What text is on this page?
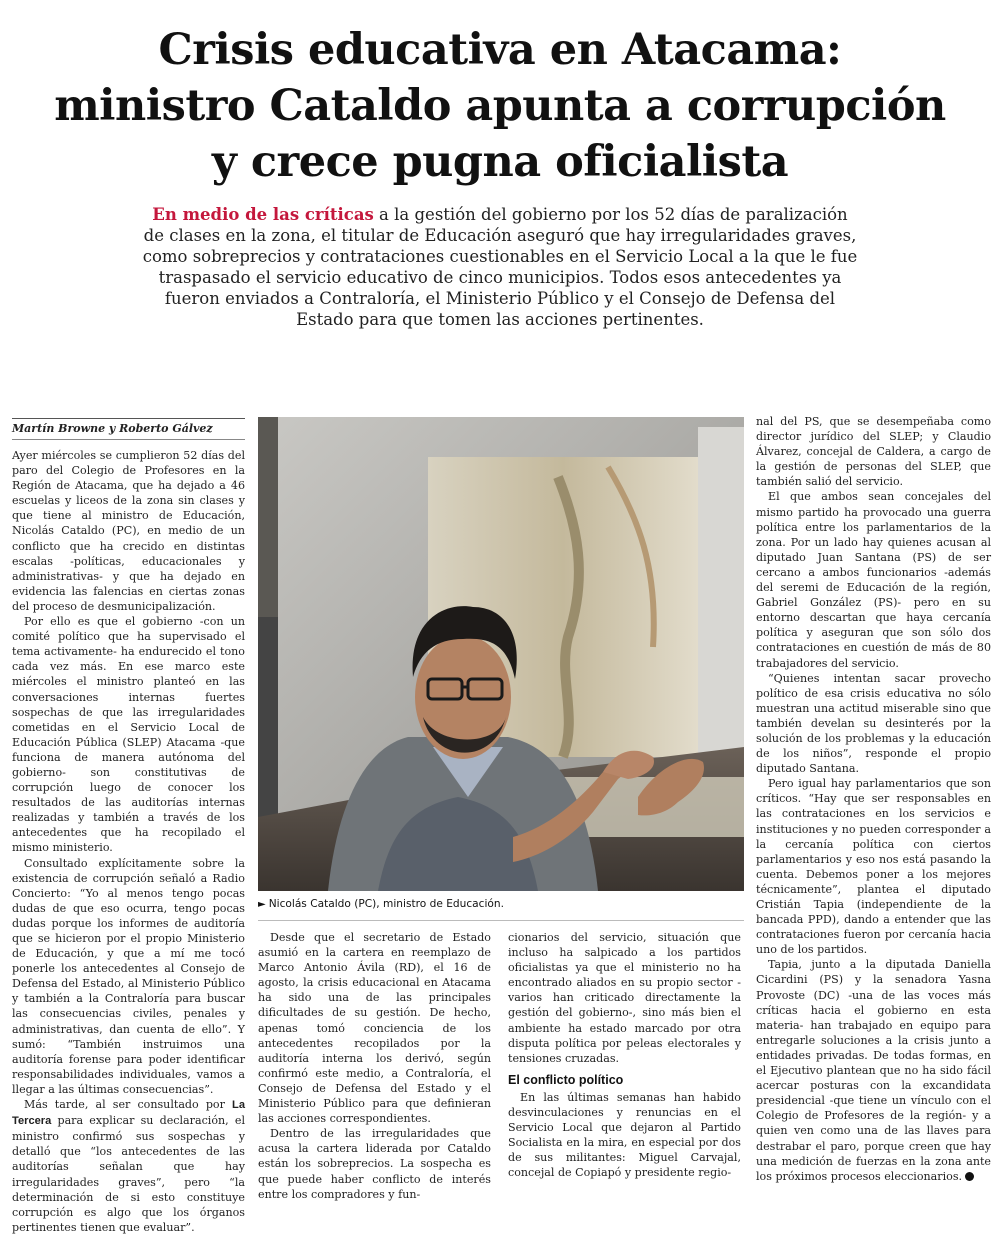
Crisis educativa en Atacama:
ministro Cataldo apunta a corrupción
y crece pugna oficialista

En medio de las críticas a la gestión del gobierno por los 52 días de paralización de clases en la zona, el titular de Educación aseguró que hay irregularidades graves, como sobreprecios y contrataciones cuestionables en el Servicio Local a la que le fue traspasado el servicio educativo de cinco municipios. Todos esos antecedentes ya fueron enviados a Contraloría, el Ministerio Público y el Consejo de Defensa del Estado para que tomen las acciones pertinentes.

Martín Browne y Roberto Gálvez

Ayer miércoles se cumplieron 52 días del paro del Colegio de Profesores en la Región de Atacama, que ha dejado a 46 escuelas y liceos de la zona sin clases y que tiene al ministro de Educación, Nicolás Cataldo (PC), en medio de un conflicto que ha crecido en distintas escalas -políticas, educacionales y administrativas- y que ha dejado en evidencia las falencias en ciertas zonas del proceso de desmunicipalización.

Por ello es que el gobierno -con un comité político que ha supervisado el tema activamente- ha endurecido el tono cada vez más. En ese marco este miércoles el ministro planteó en las conversaciones internas fuertes sospechas de que las irregularidades cometidas en el Servicio Local de Educación Pública (SLEP) Atacama -que funciona de manera autónoma del gobierno- son constitutivas de corrupción luego de conocer los resultados de las auditorías internas realizadas y también a través de los antecedentes que ha recopilado el mismo ministerio.

Consultado explícitamente sobre la existencia de corrupción señaló a Radio Concierto: “Yo al menos tengo pocas dudas de que eso ocurra, tengo pocas dudas porque los informes de auditoría que se hicieron por el propio Ministerio de Educación, y que a mí me tocó ponerle los antecedentes al Consejo de Defensa del Estado, al Ministerio Público y también a la Contraloría para buscar las consecuencias civiles, penales y administrativas, dan cuenta de ello”. Y sumó: “También instruimos una auditoría forense para poder identificar responsabilidades individuales, vamos a llegar a las últimas consecuencias”.

Más tarde, al ser consultado por La Tercera para explicar su declaración, el ministro confirmó sus sospechas y detalló que “los antecedentes de las auditorías señalan que hay irregularidades graves”, pero “la determinación de si esto constituye corrupción es algo que los órganos pertinentes tienen que evaluar”.

► Nicolás Cataldo (PC), ministro de Educación.

Desde que el secretario de Estado asumió en la cartera en reemplazo de Marco Antonio Ávila (RD), el 16 de agosto, la crisis educacional en Atacama ha sido una de las principales dificultades de su gestión. De hecho, apenas tomó conciencia de los antecedentes recopilados por la auditoría interna los derivó, según confirmó este medio, a Contraloría, el Consejo de Defensa del Estado y el Ministerio Público para que definieran las acciones correspondientes.

Dentro de las irregularidades que acusa la cartera liderada por Cataldo están los sobreprecios. La sospecha es que puede haber conflicto de interés entre los compradores y fun-

cionarios del servicio, situación que incluso ha salpicado a los partidos oficialistas ya que el ministerio no ha encontrado aliados en su propio sector -varios han criticado directamente la gestión del gobierno-, sino más bien el ambiente ha estado marcado por otra disputa política por peleas electorales y tensiones cruzadas.

El conflicto político

En las últimas semanas han habido desvinculaciones y renuncias en el Servicio Local que dejaron al Partido Socialista en la mira, en especial por dos de sus militantes: Miguel Carvajal, concejal de Copiapó y presidente regio-

nal del PS, que se desempeñaba como director jurídico del SLEP; y Claudio Álvarez, concejal de Caldera, a cargo de la gestión de personas del SLEP, que también salió del servicio.

El que ambos sean concejales del mismo partido ha provocado una guerra política entre los parlamentarios de la zona. Por un lado hay quienes acusan al diputado Juan Santana (PS) de ser cercano a ambos funcionarios -además del seremi de Educación de la región, Gabriel González (PS)- pero en su entorno descartan que haya cercanía política y aseguran que son sólo dos contrataciones en cuestión de más de 80 trabajadores del servicio.

“Quienes intentan sacar provecho político de esa crisis educativa no sólo muestran una actitud miserable sino que también develan su desinterés por la solución de los problemas y la educación de los niños”, responde el propio diputado Santana.

Pero igual hay parlamentarios que son críticos. “Hay que ser responsables en las contrataciones en los servicios e instituciones y no pueden corresponder a la cercanía política con ciertos parlamentarios y eso nos está pasando la cuenta. Debemos poner a los mejores técnicamente”, plantea el diputado Cristián Tapia (independiente de la bancada PPD), dando a entender que las contrataciones fueron por cercanía hacia uno de los partidos.

Tapia, junto a la diputada Daniella Cicardini (PS) y la senadora Yasna Provoste (DC) -una de las voces más críticas hacia el gobierno en esta materia- han trabajado en equipo para entregarle soluciones a la crisis junto a entidades privadas. De todas formas, en el Ejecutivo plantean que no ha sido fácil acercar posturas con la excandidata presidencial -que tiene un vínculo con el Colegio de Profesores de la región- y a quien ven como una de las llaves para destrabar el paro, porque creen que hay una medición de fuerzas en la zona ante los próximos procesos eleccionarios.
